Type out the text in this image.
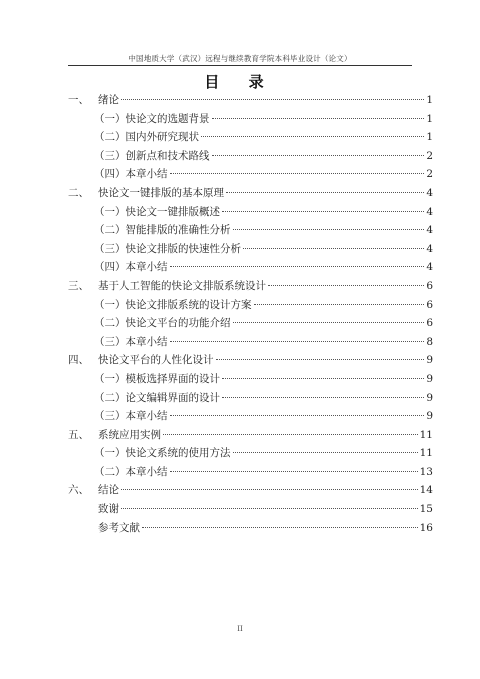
中国地质大学（武汉）远程与继续教育学院本科毕业设计（论文）
目 录
一、 绪论	1
（一）快论文的选题背景	1
（二）国内外研究现状	1
（三）创新点和技术路线	2
（四）本章小结	2
二、 快论文一键排版的基本原理	4
（一）快论文一键排版概述	4
（二）智能排版的准确性分析	4
（三）快论文排版的快速性分析	4
（四）本章小结	4
三、 基于人工智能的快论文排版系统设计	6
（一）快论文排版系统的设计方案	6
（二）快论文平台的功能介绍	6
（三）本章小结	8
四、 快论文平台的人性化设计	9
（一）模板选择界面的设计	9
（二）论文编辑界面的设计	9
（三）本章小结	9
五、 系统应用实例	11
（一）快论文系统的使用方法	11
（二）本章小结	13
六、 结论	14
致谢	15
参考文献	16
II
